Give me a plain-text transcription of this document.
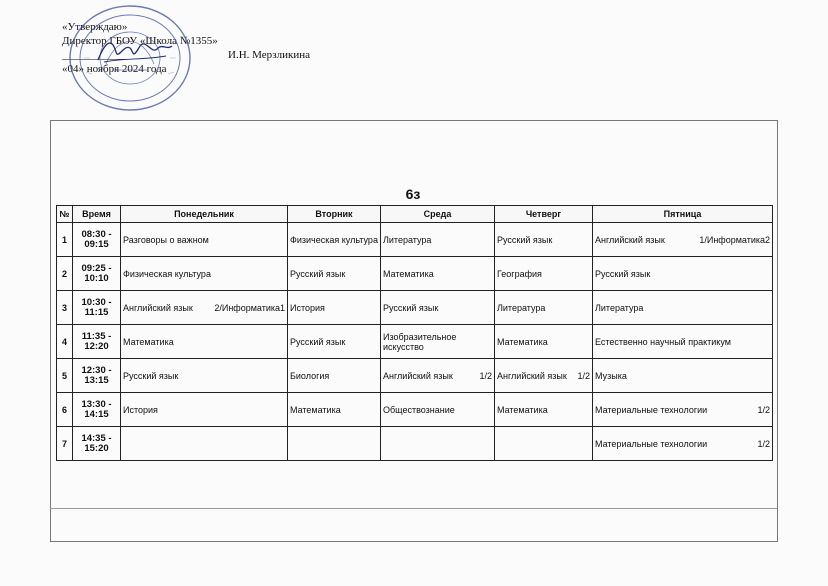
«Утверждаю»
Директор ГБОУ «Школа №1355»
____________	И.Н. Мерзликина
«04» ноября 2024 года
6з
№	Время	Понедельник	Вторник	Среда	Четверг	Пятница
1	08:30 - 09:15	Разговоры о важном	Физическая культура	Литература	Русский язык	Английский язык 1/Информатика2

2	09:25 - 10:10	Физическая культура	Русский язык	Математика	География	Русский язык
3	10:30 - 11:15	Английский язык 2/Информатика1	История	Русский язык	Литература	Литература
4	11:35 - 12:20	Математика	Русский язык	Изобразительное искусство	Математика	Естественно научный практикум
5	12:30 - 13:15	Русский язык	Биология	Английский язык 1/2	Английский язык 1/2	Музыка
6	13:30 - 14:15	История	Математика	Обществознание	Математика	Материальные технологии 1/2

7	14:35 - 15:20					Материальные технологии 1/2
